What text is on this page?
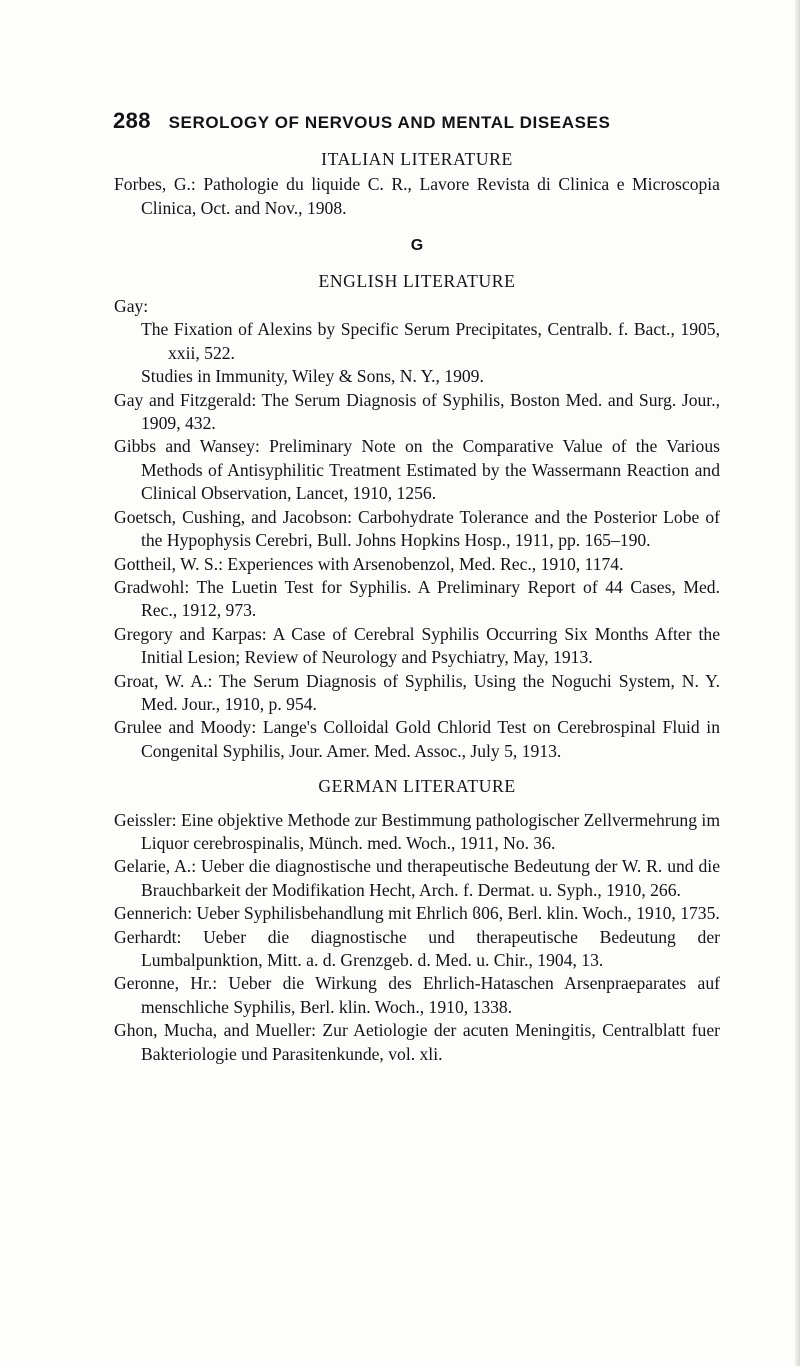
288 SEROLOGY OF NERVOUS AND MENTAL DISEASES

ITALIAN LITERATURE

Forbes, G.: Pathologie du liquide C. R., Lavore Revista di Clinica e Microscopia Clinica, Oct. and Nov., 1908.

G

ENGLISH LITERATURE

Gay:

The Fixation of Alexins by Specific Serum Precipitates, Centralb. f. Bact., 1905, xxii, 522.

Studies in Immunity, Wiley & Sons, N. Y., 1909.

Gay and Fitzgerald: The Serum Diagnosis of Syphilis, Boston Med. and Surg. Jour., 1909, 432.

Gibbs and Wansey: Preliminary Note on the Comparative Value of the Various Methods of Antisyphilitic Treatment Estimated by the Wassermann Reaction and Clinical Observation, Lancet, 1910, 1256.

Goetsch, Cushing, and Jacobson: Carbohydrate Tolerance and the Posterior Lobe of the Hypophysis Cerebri, Bull. Johns Hopkins Hosp., 1911, pp. 165–190.

Gottheil, W. S.: Experiences with Arsenobenzol, Med. Rec., 1910, 1174.

Gradwohl: The Luetin Test for Syphilis. A Preliminary Report of 44 Cases, Med. Rec., 1912, 973.

Gregory and Karpas: A Case of Cerebral Syphilis Occurring Six Months After the Initial Lesion; Review of Neurology and Psychiatry, May, 1913.

Groat, W. A.: The Serum Diagnosis of Syphilis, Using the Noguchi System, N. Y. Med. Jour., 1910, p. 954.

Grulee and Moody: Lange's Colloidal Gold Chlorid Test on Cerebrospinal Fluid in Congenital Syphilis, Jour. Amer. Med. Assoc., July 5, 1913.

GERMAN LITERATURE

Geissler: Eine objektive Methode zur Bestimmung pathologischer Zellvermehrung im Liquor cerebrospinalis, Münch. med. Woch., 1911, No. 36.

Gelarie, A.: Ueber die diagnostische und therapeutische Bedeutung der W. R. und die Brauchbarkeit der Modifikation Hecht, Arch. f. Dermat. u. Syph., 1910, 266.

Gennerich: Ueber Syphilisbehandlung mit Ehrlich ϐ06, Berl. klin. Woch., 1910, 1735.

Gerhardt: Ueber die diagnostische und therapeutische Bedeutung der Lumbalpunktion, Mitt. a. d. Grenzgeb. d. Med. u. Chir., 1904, 13.

Geronne, Hr.: Ueber die Wirkung des Ehrlich-Hataschen Arsenpraeparates auf menschliche Syphilis, Berl. klin. Woch., 1910, 1338.

Ghon, Mucha, and Mueller: Zur Aetiologie der acuten Meningitis, Centralblatt fuer Bakteriologie und Parasitenkunde, vol. xli.
